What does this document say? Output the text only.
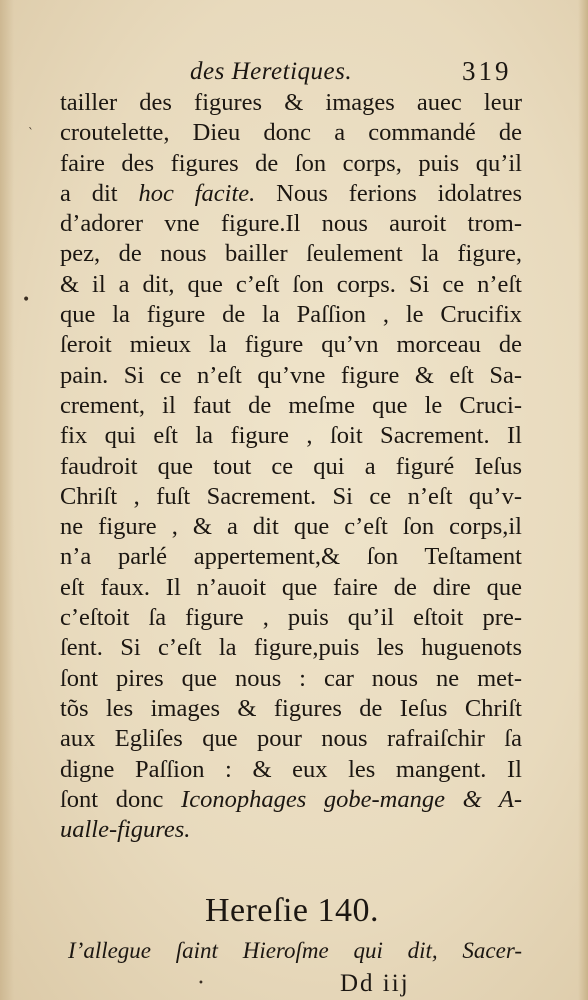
des Heretiques.	319
tailler des figures & images auec leur
croutelette, Dieu donc a commandé de
faire des figures de ſon corps, puis qu’il
a dit hoc facite. Nous ferions idolatres
d’adorer vne figure.Il nous auroit trom-
pez, de nous bailler ſeulement la figure,
& il a dit, que c’eſt ſon corps. Si ce n’eſt
que la figure de la Paſſion , le Crucifix
ſeroit mieux la figure qu’vn morceau de
pain. Si ce n’eſt qu’vne figure & eſt Sa-
crement, il faut de meſme que le Cruci-
fix qui eſt la figure , ſoit Sacrement. Il
faudroit que tout ce qui a figuré Ieſus
Chriſt , fuſt Sacrement. Si ce n’eſt qu’v-
ne figure , & a dit que c’eſt ſon corps,il
n’a parlé appertement,& ſon Teſtament
eſt faux. Il n’auoit que faire de dire que
c’eſtoit ſa figure , puis qu’il eſtoit pre-
ſent. Si c’eſt la figure,puis les huguenots
ſont pires que nous : car nous ne met-
tõs les images & figures de Ieſus Chriſt
aux Egliſes que pour nous rafraiſchir ſa
digne Paſſion : & eux les mangent. Il
ſont donc Iconophages gobe-mange & A-
ualle-figures.
Hereſie 140.
I’allegue ſaint Hieroſme qui dit, Sacer-
Dd iij
•
ˋ
•
